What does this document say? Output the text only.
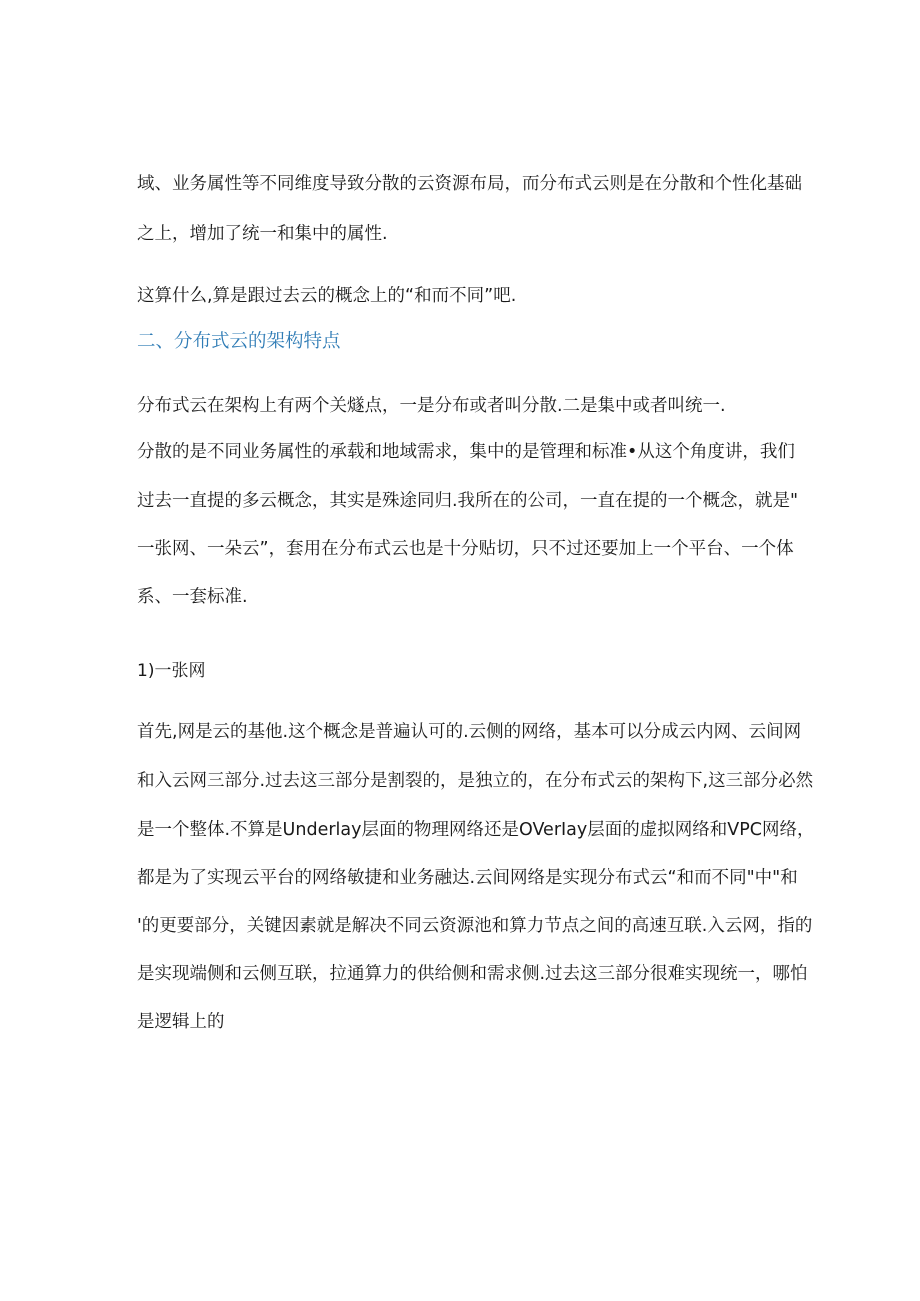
域、业务属性等不同维度导致分散的云资源布局，而分布式云则是在分散和个性化基础
之上，增加了统一和集中的属性.
这算什么,算是跟过去云的概念上的“和而不同”吧.
二、分布式云的架构特点
分布式云在架构上有两个关燧点，一是分布或者叫分散.二是集中或者叫统一.
分散的是不同业务属性的承载和地域需求，集中的是管理和标准•从这个角度讲，我们
过去一直提的多云概念，其实是殊途同归.我所在的公司，一直在提的一个概念，就是"
一张网、一朵云”，套用在分布式云也是十分贴切，只不过还要加上一个平台、一个体
系、一套标准.
1)一张网
首先,网是云的基他.这个概念是普遍认可的.云侧的网络，基本可以分成云内网、云间网
和入云网三部分.过去这三部分是割裂的，是独立的，在分布式云的架构下,这三部分必然
是一个整体.不算是Underlay层面的物理网络还是OVerIay层面的虚拟网络和VPC网络，
都是为了实现云平台的网络敏捷和业务融达.云间网络是实现分布式云“和而不同"中"和
'的更要部分，关键因素就是解决不同云资源池和算力节点之间的高速互联.入云网，指的
是实现端侧和云侧互联，拉通算力的供给侧和需求侧.过去这三部分很难实现统一，哪怕
是逻辑上的
